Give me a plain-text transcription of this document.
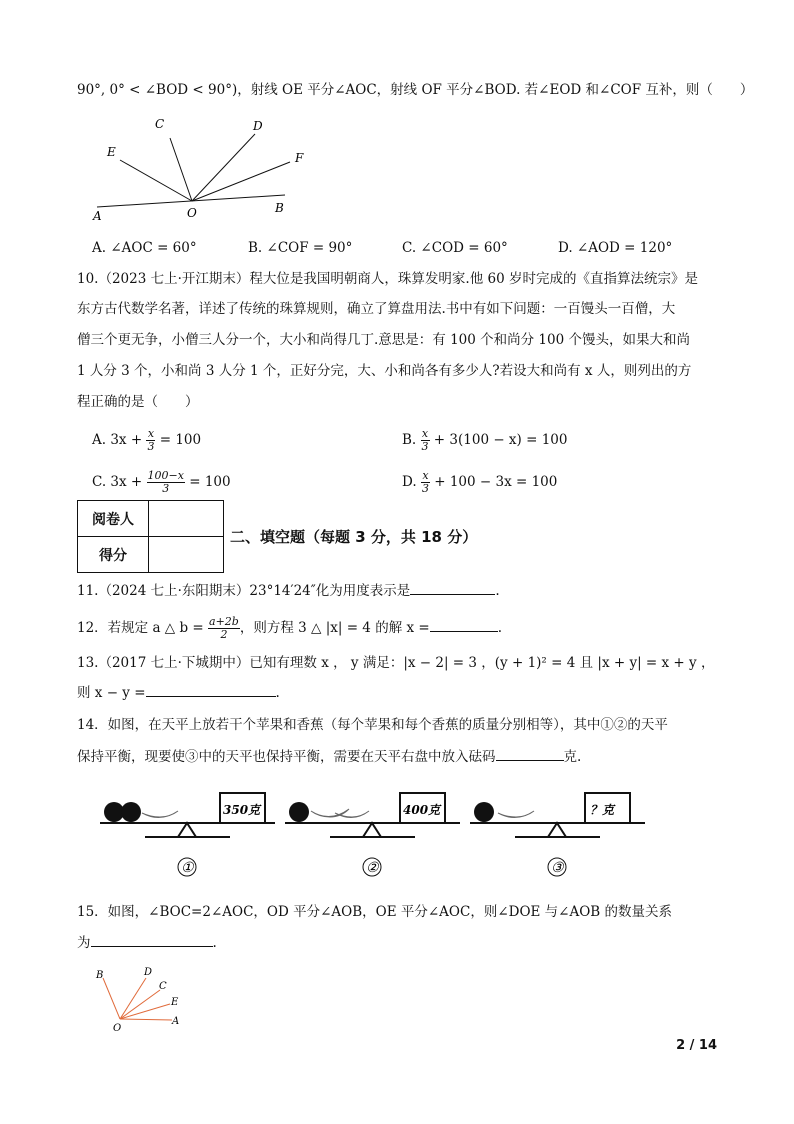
90°, 0° < ∠BOD < 90°)，射线 OE 平分∠AOC，射线 OF 平分∠BOD. 若∠EOD 和∠COF 互补，则（　　）
A	O	B
C	D
E	F
A. ∠AOC = 60°	B. ∠COF = 90°	C. ∠COD = 60°	D. ∠AOD = 120°
10.（2023 七上·开江期末）程大位是我国明朝商人，珠算发明家.他 60 岁时完成的《直指算法统宗》是
东方古代数学名著，详述了传统的珠算规则，确立了算盘用法.书中有如下问题：一百馒头一百僧，大
僧三个更无争，小僧三人分一个，大小和尚得几丁.意思是：有 100 个和尚分 100 个馒头，如果大和尚
1 人分 3 个，小和尚 3 人分 1 个，正好分完，大、小和尚各有多少人?若设大和尚有 x 人，则列出的方
程正确的是（　　）
A. $3x + \frac{x}{3} = 100$	B. $\frac{x}{3} + 3(100 - x) = 100$
C. $3x + \frac{100-x}{3} = 100$	D. $\frac{x}{3} + 100 - 3x = 100$
阅卷人	
得分	
二、填空题（每题 3 分，共 18 分）
11.（2024 七上·东阳期末）23°14′24″化为用度表示是	.
12．若规定 a △ $b = \frac{a+2b}{2}$ ，则方程 3 △ |x| = 4 的解 x =	.
13.（2017 七上·下城期中）已知有理数 x ， y 满足：|x − 2| = 3 ，(y + 1)² = 4 且 |x + y| = x + y ，
则 x − y =	.
14．如图，在天平上放若干个苹果和香蕉（每个苹果和每个香蕉的质量分别相等），其中①②的天平
保持平衡，现要使③中的天平也保持平衡，需要在天平右盘中放入砝码	克.
350克
①
400克
②
？克
③
15．如图，∠BOC=2∠AOC，OD 平分∠AOB，OE 平分∠AOC，则∠DOE 与∠AOB 的数量关系
为	.
B	D
C
E
A
O
2 / 14
